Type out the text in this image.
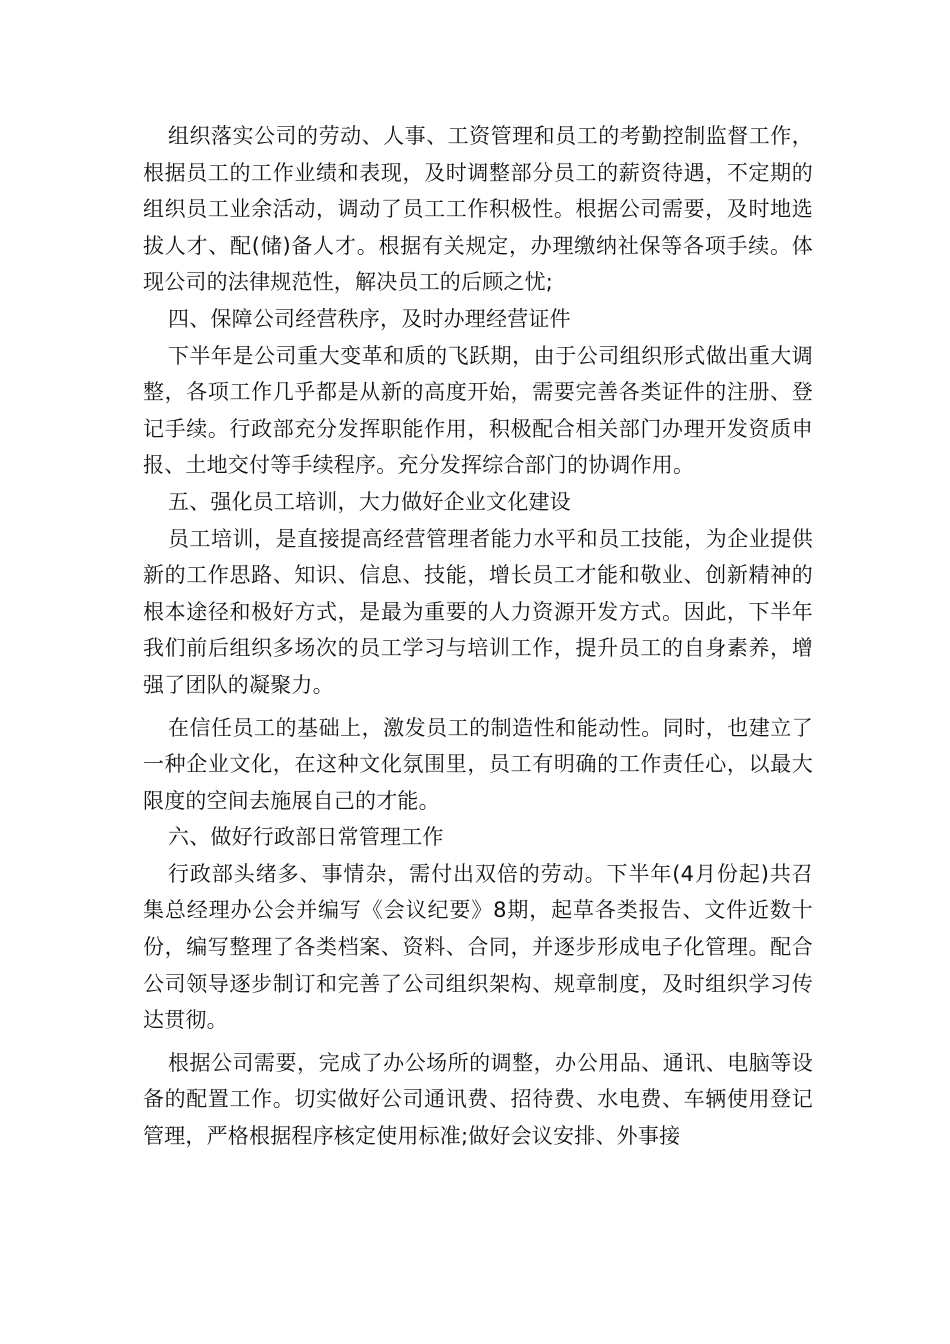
组织落实公司的劳动、人事、工资管理和员工的考勤控制监督工作，根据员工的工作业绩和表现，及时调整部分员工的薪资待遇，不定期的组织员工业余活动，调动了员工工作积极性。根据公司需要，及时地选拔人才、配(储)备人才。根据有关规定，办理缴纳社保等各项手续。体现公司的法律规范性，解决员工的后顾之忧;

四、保障公司经营秩序，及时办理经营证件

下半年是公司重大变革和质的飞跃期，由于公司组织形式做出重大调整，各项工作几乎都是从新的高度开始，需要完善各类证件的注册、登记手续。行政部充分发挥职能作用，积极配合相关部门办理开发资质申报、土地交付等手续程序。充分发挥综合部门的协调作用。

五、强化员工培训，大力做好企业文化建设

员工培训，是直接提高经营管理者能力水平和员工技能，为企业提供新的工作思路、知识、信息、技能，增长员工才能和敬业、创新精神的根本途径和极好方式，是最为重要的人力资源开发方式。因此，下半年我们前后组织多场次的员工学习与培训工作，提升员工的自身素养，增强了团队的凝聚力。

在信任员工的基础上，激发员工的制造性和能动性。同时，也建立了一种企业文化，在这种文化氛围里，员工有明确的工作责任心，以最大限度的空间去施展自己的才能。

六、做好行政部日常管理工作

行政部头绪多、事情杂，需付出双倍的劳动。下半年(4月份起)共召集总经理办公会并编写《会议纪要》8期，起草各类报告、文件近数十份，编写整理了各类档案、资料、合同，并逐步形成电子化管理。配合公司领导逐步制订和完善了公司组织架构、规章制度，及时组织学习传达贯彻。

根据公司需要，完成了办公场所的调整，办公用品、通讯、电脑等设备的配置工作。切实做好公司通讯费、招待费、水电费、车辆使用登记管理，严格根据程序核定使用标准;做好会议安排、外事接
